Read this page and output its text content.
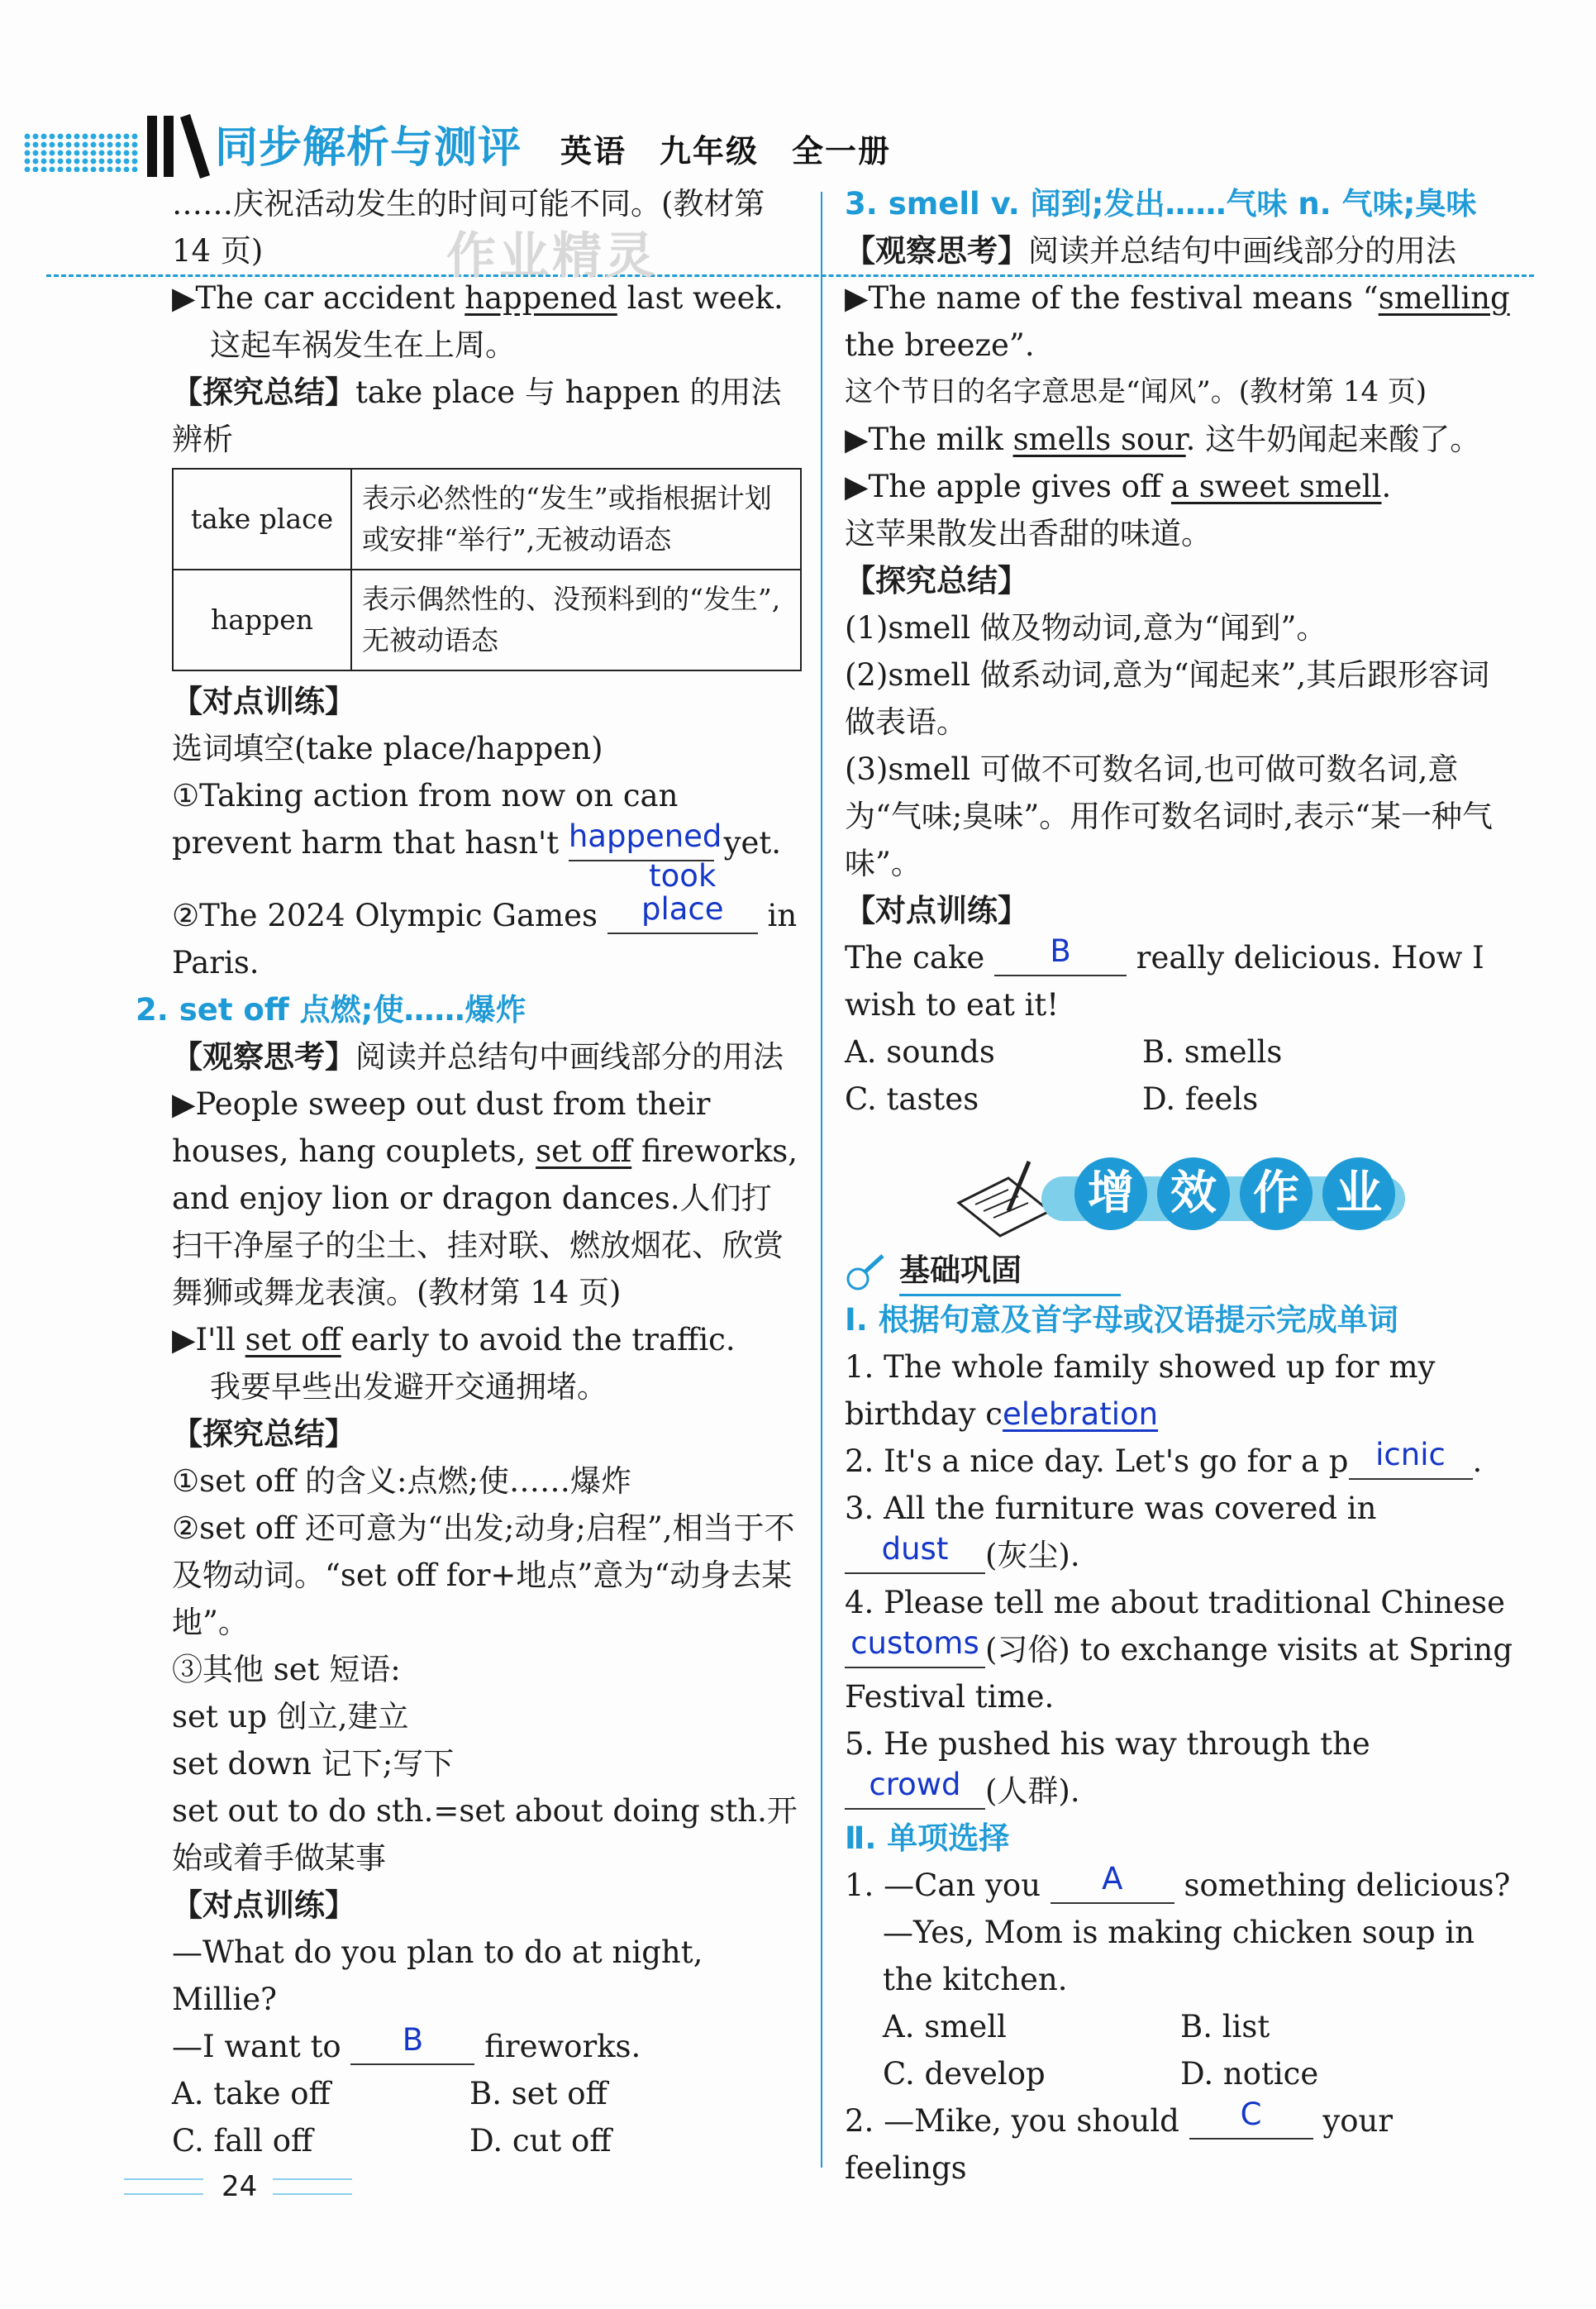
同步解析与测评 英语　九年级　全一册
作业精灵

……庆祝活动发生的时间可能不同。(教材第 14 页)

▶The car accident happened last week.

这起车祸发生在上周。

【探究总结】take place 与 happen 的用法辨析

take place	表示必然性的“发生”或指根据计划或安排“举行”,无被动语态
happen	表示偶然性的、没预料到的“发生”,无被动语态

【对点训练】

选词填空(take place/happen)

①Taking action from now on can prevent harm that hasn't happened yet.

②The 2024 Olympic Games took place in Paris.

2. set off 点燃;使……爆炸

【观察思考】阅读并总结句中画线部分的用法

▶People sweep out dust from their houses, hang couplets, set off fireworks, and enjoy lion or dragon dances.人们打扫干净屋子的尘土、挂对联、燃放烟花、欣赏舞狮或舞龙表演。(教材第 14 页)

▶I'll set off early to avoid the traffic.

我要早些出发避开交通拥堵。

【探究总结】

①set off 的含义:点燃;使……爆炸

②set off 还可意为“出发;动身;启程”,相当于不及物动词。“set off for+地点”意为“动身去某地”。

③其他 set 短语:

set up 创立,建立

set down 记下;写下

set out to do sth.=set about doing sth.开始或着手做某事

【对点训练】

—What do you plan to do at night, Millie?

—I want to B fireworks.

A. take off	B. set off

C. fall off	D. cut off

3. smell v. 闻到;发出……气味 n. 气味;臭味

【观察思考】阅读并总结句中画线部分的用法

▶The name of the festival means “smelling the breeze”.

这个节日的名字意思是“闻风”。(教材第 14 页)

▶The milk smells sour. 这牛奶闻起来酸了。

▶The apple gives off a sweet smell.

这苹果散发出香甜的味道。

【探究总结】

(1)smell 做及物动词,意为“闻到”。

(2)smell 做系动词,意为“闻起来”,其后跟形容词做表语。

(3)smell 可做不可数名词,也可做可数名词,意为“气味;臭味”。用作可数名词时,表示“某一种气味”。

【对点训练】

The cake B really delicious. How I wish to eat it!

A. sounds	B. smells

C. tastes	D. feels

基础巩固

Ⅰ. 根据句意及首字母或汉语提示完成单词

1. The whole family showed up for my birthday celebration

2. It's a nice day. Let's go for a p icnic .

3. All the furniture was covered in dust (灰尘).

4. Please tell me about traditional Chinese customs (习俗) to exchange visits at Spring Festival time.

5. He pushed his way through the crowd (人群).

Ⅱ. 单项选择

1. —Can you A something delicious?

—Yes, Mom is making chicken soup in the kitchen.

A. smell	B. list

C. develop	D. notice

2. —Mike, you should C your feelings

增 效 作 业
24
